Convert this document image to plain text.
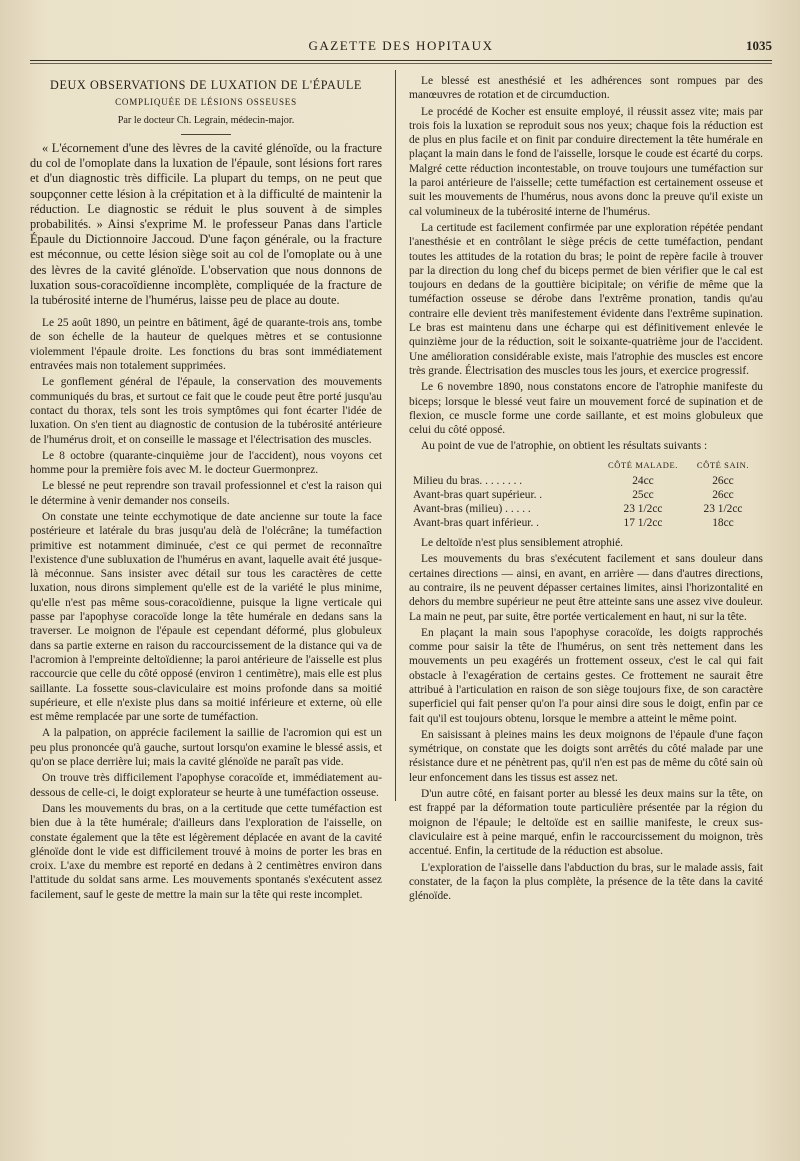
GAZETTE DES HOPITAUX	1035
DEUX OBSERVATIONS DE LUXATION DE L'ÉPAULE
COMPLIQUÉE DE LÉSIONS OSSEUSES
Par le docteur Ch. Legrain, médecin-major.

« L'écornement d'une des lèvres de la cavité glénoïde, ou la fracture du col de l'omoplate dans la luxation de l'épaule, sont lésions fort rares et d'un diagnostic très difficile. La plupart du temps, on ne peut que soupçonner cette lésion à la crépitation et à la difficulté de maintenir la réduction. Le diagnostic se réduit le plus souvent à de simples probabilités. » Ainsi s'exprime M. le professeur Panas dans l'article Épaule du Dictionnoire Jaccoud. D'une façon générale, ou la fracture est méconnue, ou cette lésion siège soit au col de l'omoplate ou à une des lèvres de la cavité glénoïde. L'observation que nous donnons de luxation sous-coracoïdienne incomplète, compliquée de la fracture de la tubérosité interne de l'humérus, laisse peu de place au doute.

Le 25 août 1890, un peintre en bâtiment, âgé de quarante-trois ans, tombe de son échelle de la hauteur de quelques mètres et se contusionne violemment l'épaule droite. Les fonctions du bras sont immédiatement entravées mais non totalement supprimées.

Le gonflement général de l'épaule, la conservation des mouvements communiqués du bras, et surtout ce fait que le coude peut être porté jusqu'au contact du thorax, tels sont les trois symptômes qui font écarter l'idée de luxation. On s'en tient au diagnostic de contusion de la tubérosité antérieure de l'humérus droit, et on conseille le massage et l'électrisation des muscles.

Le 8 octobre (quarante-cinquième jour de l'accident), nous voyons cet homme pour la première fois avec M. le docteur Guermonprez.

Le blessé ne peut reprendre son travail professionnel et c'est la raison qui le détermine à venir demander nos conseils.

On constate une teinte ecchymotique de date ancienne sur toute la face postérieure et latérale du bras jusqu'au delà de l'olécrâne; la tuméfaction primitive est notamment diminuée, c'est ce qui permet de reconnaître l'existence d'une subluxation de l'humérus en avant, laquelle avait été jusque-là méconnue. Sans insister avec détail sur tous les caractères de cette luxation, nous dirons simplement qu'elle est de la variété le plus minime, qu'elle n'est pas même sous-coracoïdienne, puisque la ligne verticale qui passe par l'apophyse coracoïde longe la tête humérale en dedans sans la traverser. Le moignon de l'épaule est cependant déformé, plus globuleux dans sa partie externe en raison du raccourcissement de la distance qui va de l'acromion à l'empreinte deltoïdienne; la paroi antérieure de l'aisselle est plus raccourcie que celle du côté opposé (environ 1 centimètre), mais elle est plus saillante. La fossette sous-claviculaire est moins profonde dans sa moitié supérieure, et elle n'existe plus dans sa moitié inférieure et externe, où elle est même remplacée par une sorte de tuméfaction.

A la palpation, on apprécie facilement la saillie de l'acromion qui est un peu plus prononcée qu'à gauche, surtout lorsqu'on examine le blessé assis, et qu'on se place derrière lui; mais la cavité glénoïde ne paraît pas vide.

On trouve très difficilement l'apophyse coracoïde et, immédiatement au-dessous de celle-ci, le doigt explorateur se heurte à une tuméfaction osseuse.

Dans les mouvements du bras, on a la certitude que cette tuméfaction est bien due à la tête humérale; d'ailleurs dans l'exploration de l'aisselle, on constate également que la tête est légèrement déplacée en avant de la cavité glénoïde dont le vide est difficilement trouvé à moins de porter les bras en croix. L'axe du membre est reporté en dedans à 2 centimètres environ dans l'attitude du soldat sans arme. Les mouvements spontanés s'exécutent assez facilement, sauf le geste de mettre la main sur la tête qui reste incomplet.

Le blessé est anesthésié et les adhérences sont rompues par des manœuvres de rotation et de circumduction.

Le procédé de Kocher est ensuite employé, il réussit assez vite; mais par trois fois la luxation se reproduit sous nos yeux; chaque fois la réduction est de plus en plus facile et on finit par conduire directement la tête humérale en plaçant la main dans le fond de l'aisselle, lorsque le coude est écarté du corps. Malgré cette réduction incontestable, on trouve toujours une tuméfaction sur la paroi antérieure de l'aisselle; cette tuméfaction est certainement osseuse et suit les mouvements de l'humérus, nous avons donc la preuve qu'il existe un cal volumineux de la tubérosité interne de l'humérus.

La certitude est facilement confirmée par une exploration répétée pendant l'anesthésie et en contrôlant le siège précis de cette tuméfaction, pendant toutes les attitudes de la rotation du bras; le point de repère facile à trouver par la direction du long chef du biceps permet de bien vérifier que le cal est toujours en dedans de la gouttière bicipitale; on vérifie de même que la tuméfaction osseuse se dérobe dans l'extrême pronation, tandis qu'au contraire elle devient très manifestement évidente dans l'extrême supination. Le bras est maintenu dans une écharpe qui est définitivement enlevée le quinzième jour de la réduction, soit le soixante-quatrième jour de l'accident. Une amélioration considérable existe, mais l'atrophie des muscles est encore très grande. Électrisation des muscles tous les jours, et exercice progressif.

Le 6 novembre 1890, nous constatons encore de l'atrophie manifeste du biceps; lorsque le blessé veut faire un mouvement forcé de supination et de flexion, ce muscle forme une corde saillante, et est moins globuleux que celui du côté opposé.

Au point de vue de l'atrophie, on obtient les résultats suivants :

	CÔTÉ MALADE.	CÔTÉ SAIN.
Milieu du bras. . . . . . . .	24cc	26cc
Avant-bras quart supérieur. .	25cc	26cc
Avant-bras (milieu) . . . . .	23 1/2cc	23 1/2cc
Avant-bras quart inférieur. .	17 1/2cc	18cc

Le deltoïde n'est plus sensiblement atrophié.

Les mouvements du bras s'exécutent facilement et sans douleur dans certaines directions — ainsi, en avant, en arrière — dans d'autres directions, au contraire, ils ne peuvent dépasser certaines limites, ainsi l'horizontalité en dehors du membre supérieur ne peut être atteinte sans une assez vive douleur. La main ne peut, par suite, être portée verticalement en haut, ni sur la tête.

En plaçant la main sous l'apophyse coracoïde, les doigts rapprochés comme pour saisir la tête de l'humérus, on sent très nettement dans les mouvements un peu exagérés un frottement osseux, c'est le cal qui fait obstacle à l'exagération de certains gestes. Ce frottement ne saurait être attribué à l'articulation en raison de son siège toujours fixe, de son caractère superficiel qui fait penser qu'on l'a pour ainsi dire sous le doigt, enfin par ce fait qu'il est toujours obtenu, lorsque le membre a atteint le même point.

En saisissant à pleines mains les deux moignons de l'épaule d'une façon symétrique, on constate que les doigts sont arrêtés du côté malade par une résistance dure et ne pénètrent pas, qu'il n'en est pas de même du côté sain où leur enfoncement dans les tissus est assez net.

D'un autre côté, en faisant porter au blessé les deux mains sur la tête, on est frappé par la déformation toute particulière présentée par la région du moignon de l'épaule; le deltoïde est en saillie manifeste, le creux sus-claviculaire est à peine marqué, enfin le raccourcissement du moignon, très accentué. Enfin, la certitude de la réduction est absolue.

L'exploration de l'aisselle dans l'abduction du bras, sur le malade assis, fait constater, de la façon la plus complète, la présence de la tête dans la cavité glénoïde.
